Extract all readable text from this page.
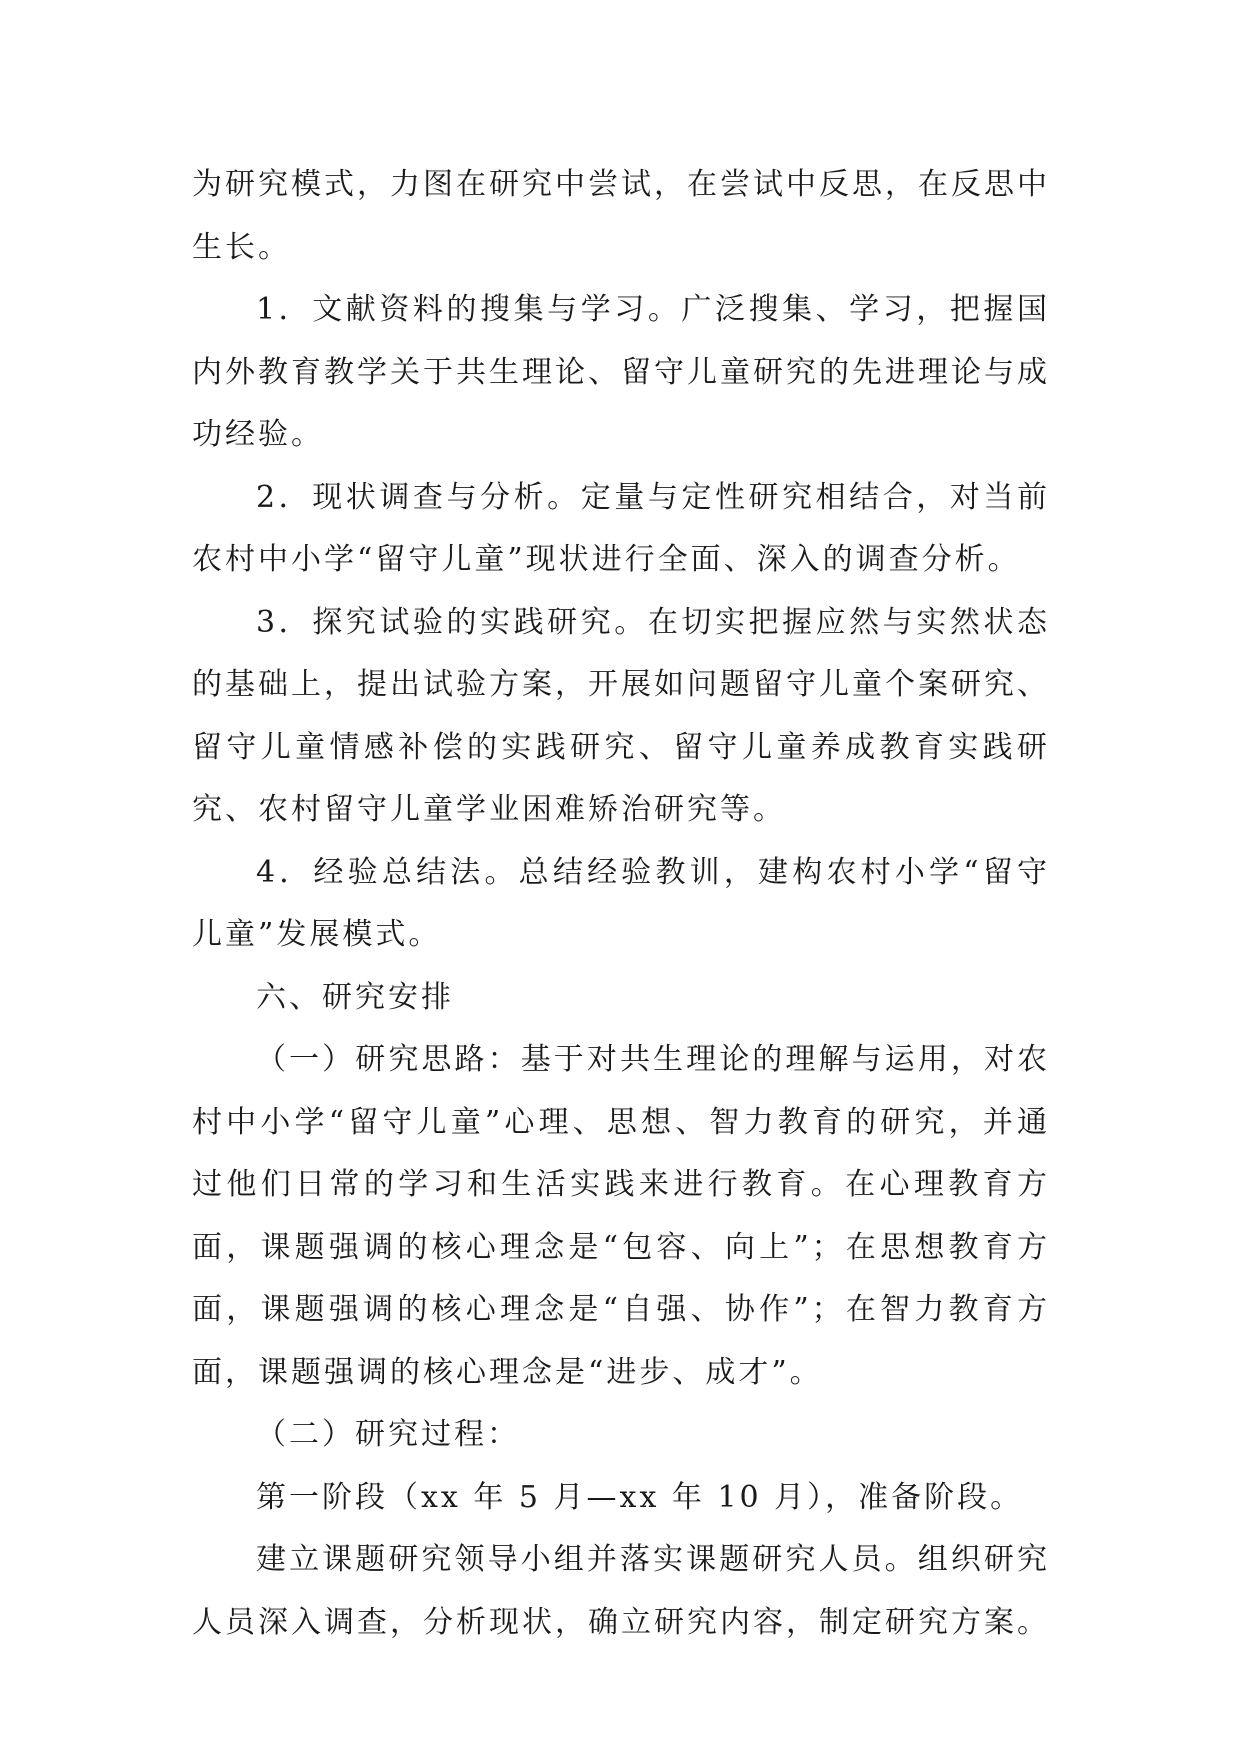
为研究模式，力图在研究中尝试，在尝试中反思，在反思中生长。

1．文献资料的搜集与学习。广泛搜集、学习，把握国内外教育教学关于共生理论、留守儿童研究的先进理论与成功经验。

2．现状调查与分析。定量与定性研究相结合，对当前农村中小学“留守儿童”现状进行全面、深入的调查分析。

3．探究试验的实践研究。在切实把握应然与实然状态的基础上，提出试验方案，开展如问题留守儿童个案研究、留守儿童情感补偿的实践研究、留守儿童养成教育实践研究、农村留守儿童学业困难矫治研究等。

4．经验总结法。总结经验教训，建构农村小学“留守儿童”发展模式。

六、研究安排

（一）研究思路：基于对共生理论的理解与运用，对农村中小学“留守儿童”心理、思想、智力教育的研究，并通过他们日常的学习和生活实践来进行教育。在心理教育方面，课题强调的核心理念是“包容、向上”；在思想教育方面，课题强调的核心理念是“自强、协作”；在智力教育方面，课题强调的核心理念是“进步、成才”。

（二）研究过程：

第一阶段（xx 年 5 月—xx 年 10 月），准备阶段。

建立课题研究领导小组并落实课题研究人员。组织研究人员深入调查，分析现状，确立研究内容，制定研究方案。
